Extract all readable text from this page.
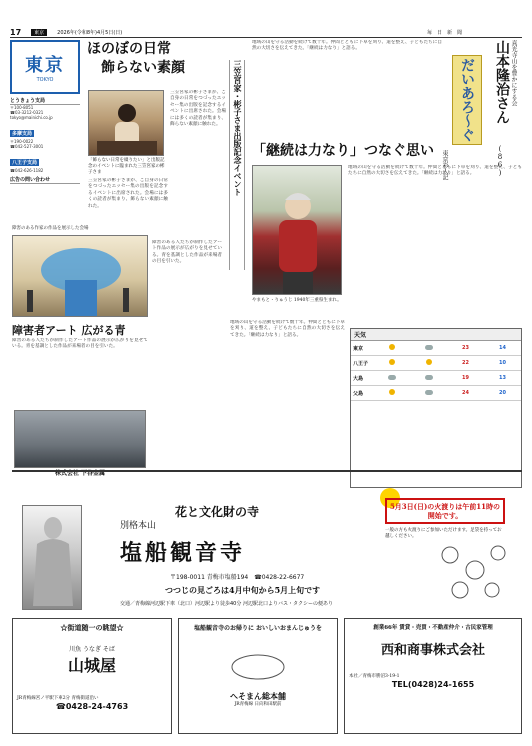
17	東京	2026年(令和8年)4月5日(日)	毎　日　新　聞
東京
TOKYO
とうきょう支局
〒100-8051
☎03-3212-0321
tokyo@mainichi.co.jp
多摩支局
〒190-0022
☎042-527-3001
八王子支局
☎042-626-1182
広告の問い合わせ
ほのぼの日常
飾らない素顔
「飾らない日常を綴りたい」と出版記念のイベントに臨まれた三笠宮家の彬子さま
三笠宮家の彬子さまが、ご自身の日常をつづったエッセー集の出版を記念するイベントに出席された。会場には多くの読者が集まり、飾らない素顔に触れた。
三笠宮家の彬子さまが、ご自身の日常をつづったエッセー集の出版を記念するイベントに出席された。会場には多くの読者が集まり、飾らない素顔に触れた。
三笠宮家・彬子さま出版記念イベント
障害のある作家の作品を展示した会場
障害者アート 広がる青
障害のある人たちが制作したアート作品の展示が広がりを見せている。青を基調とした作品が来場者の目を引いた。
障害のある人たちが制作したアート作品の展示が広がりを見せている。青を基調とした作品が来場者の目を引いた。
株式会社 下谷金属
だいあろ～ぐ
東京彩人記
山本隆治さん
(86)
真光寺山を豊かにする会
「継続は力なり」つなぐ思い
やまもと・りゅうじ 1940年三重県生まれ。
地域の山を守る活動を続けて数十年。仲間とともに下草を刈り、道を整え、子どもたちに自然の大切さを伝えてきた。「継続は力なり」と語る。
地域の山を守る活動を続けて数十年。仲間とともに下草を刈り、道を整え、子どもたちに自然の大切さを伝えてきた。「継続は力なり」と語る。
地域の山を守る活動を続けて数十年。仲間とともに下草を刈り、道を整え、子どもたちに自然の大切さを伝えてきた。「継続は力なり」と語る。	天気
東京	23	14
八王子	22	10
大島	19	13
父島	24	20
花と文化財の寺
別格本山
塩船観音寺
〒198-0011 青梅市塩船194　☎0428-22-6677
つつじの見ごろは4月中旬から5月上旬です
交通／青梅線河辺駅下車（北口）河辺駅より徒歩40分 河辺駅北口よりバス・タクシーの便あり
5月3日(日)の火渡りは午前11時の開始です。
一般の方も火渡りにご参加いただけます。足袋を持ってお越しください。
☆街道随一の眺望☆
川魚 うなぎ そば
山城屋
JR青梅線宮ノ平駅下車2分 青梅街道沿い
☎0428-24-4763
塩船観音寺のお帰りに おいしいおまんじゅうを
へそまん総本舗
JR青梅線 日向和田駅前
創業66年 賃貸・売買・不動産仲介・古民家管理
西和商事株式会社
本社／青梅市勝沼3-19-1
TEL(0428)24-1655
